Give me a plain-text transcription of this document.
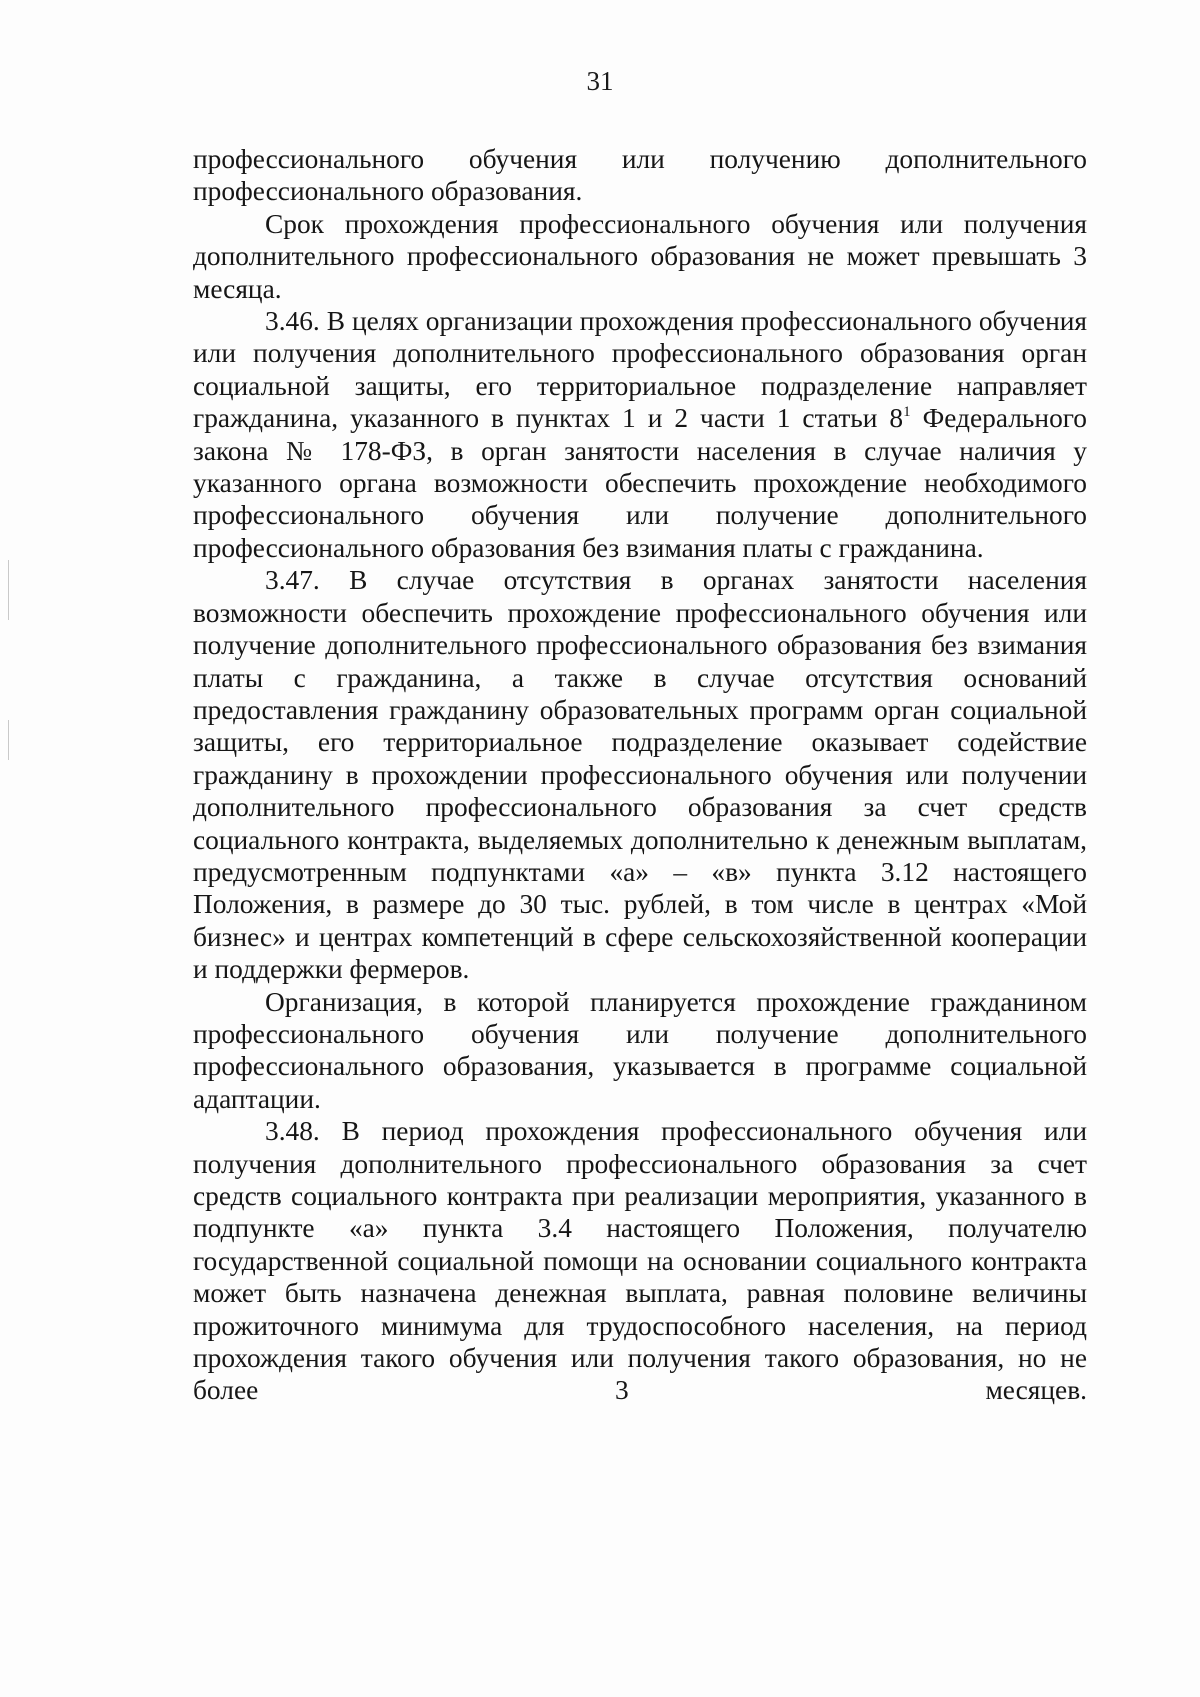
31

профессионального обучения или получению дополнительного профессионального образования.

Срок прохождения профессионального обучения или получения дополнительного профессионального образования не может превышать 3 месяца.

3.46. В целях организации прохождения профессионального обучения или получения дополнительного профессионального образования орган социальной защиты, его территориальное подразделение направляет гражданина, указанного в пунктах 1 и 2 части 1 статьи $8^1$ Федерального закона № 178-ФЗ, в орган занятости населения в случае наличия у указанного органа возможности обеспечить прохождение необходимого профессионального обучения или получение дополнительного профессионального образования без взимания платы с гражданина.

3.47. В случае отсутствия в органах занятости населения возможности обеспечить прохождение профессионального обучения или получение дополнительного профессионального образования без взимания платы с гражданина, а также в случае отсутствия оснований предоставления гражданину образовательных программ орган социальной защиты, его территориальное подразделение оказывает содействие гражданину в прохождении профессионального обучения или получении дополнительного профессионального образования за счет средств социального контракта, выделяемых дополнительно к денежным выплатам, предусмотренным подпунктами «а» – «в» пункта 3.12 настоящего Положения, в размере до 30 тыс. рублей, в том числе в центрах «Мой бизнес» и центрах компетенций в сфере сельскохозяйственной кооперации и поддержки фермеров.

Организация, в которой планируется прохождение гражданином профессионального обучения или получение дополнительного профессионального образования, указывается в программе социальной адаптации.

3.48. В период прохождения профессионального обучения или получения дополнительного профессионального образования за счет средств социального контракта при реализации мероприятия, указанного в подпункте «а» пункта 3.4 настоящего Положения, получателю государственной социальной помощи на основании социального контракта может быть назначена денежная выплата, равная половине величины прожиточного минимума для трудоспособного населения, на период прохождения такого обучения или получения такого образования, но не более 3 месяцев.
